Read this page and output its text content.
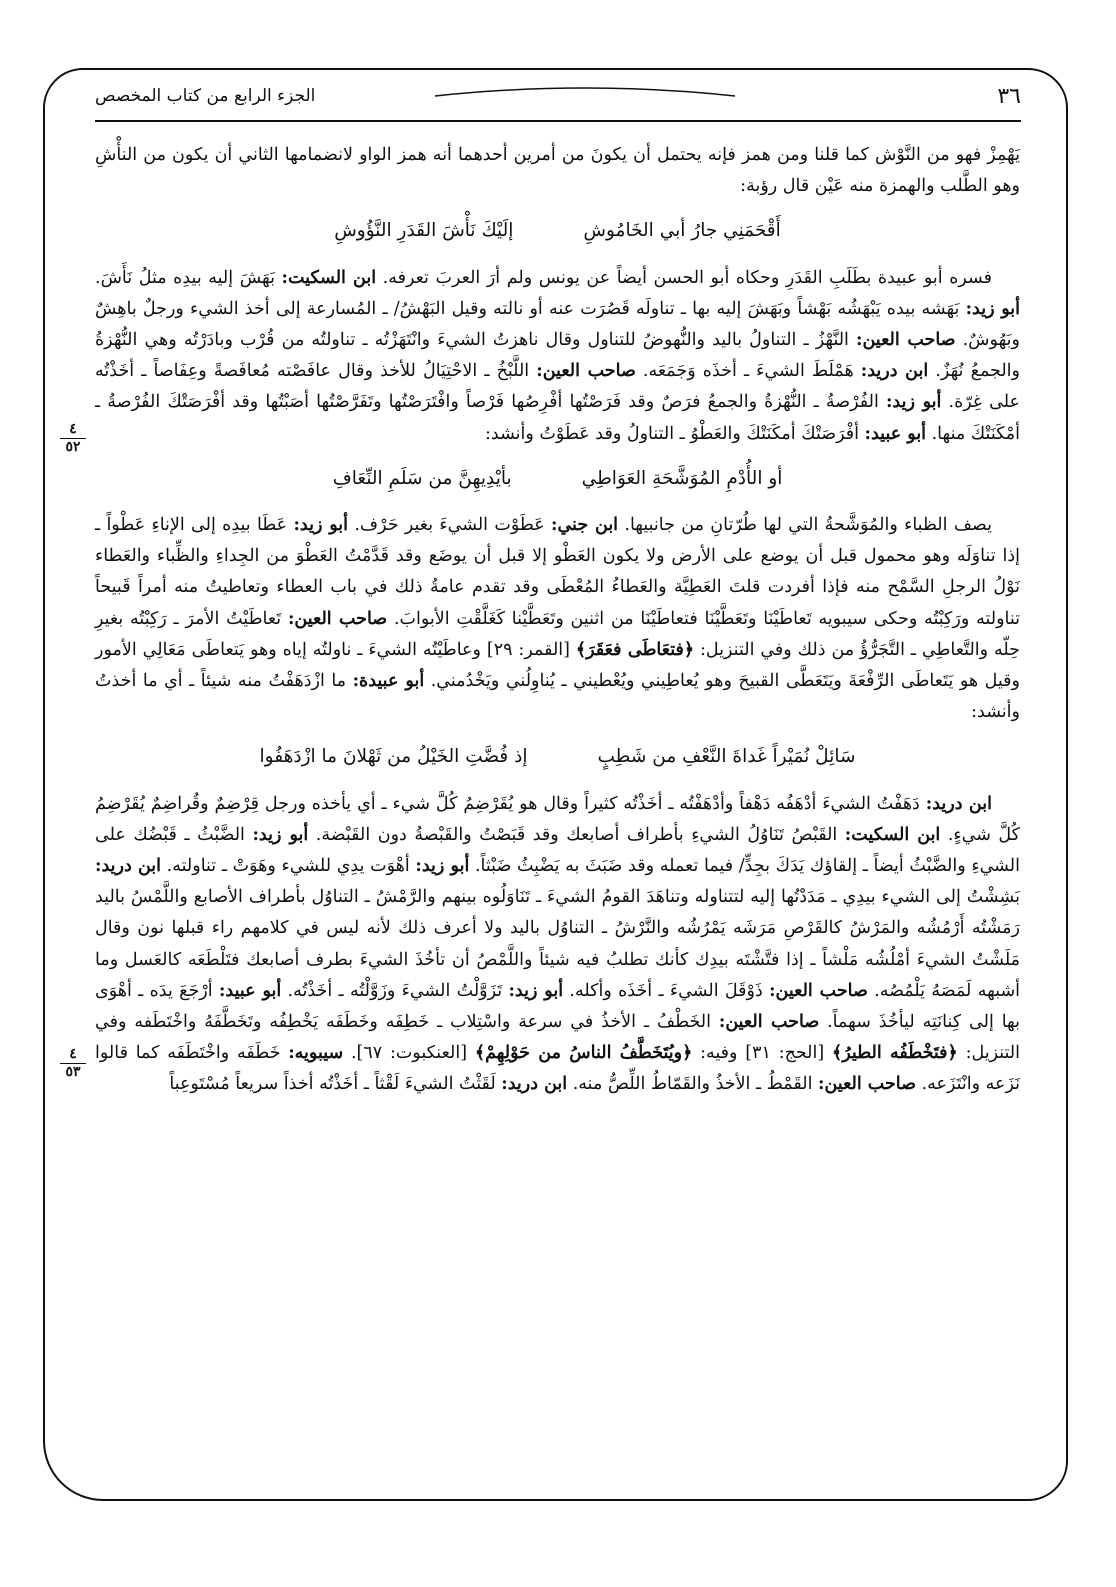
٣٦
الجزء الرابع من كتاب المخصص
٤
٥٢
٤
٥٣

يَهْمِزْ فهو من النَّوْش كما قلنا ومن همز فإنه يحتمل أن يكونَ من أمرين أحدهما أنه همز الواو لانضمامها الثاني أن يكون من النأْشِ وهو الطَّلب والهمزة منه عَيْن قال رؤبة:

أَقْحَمَنِي جارُ أبي الخَامُوشِ
إلَيْكَ نَأْشَ القَدَرِ النَّؤُوشِ

فسره أبو عبيدة بطَلَبِ القَدَرِ وحكاه أبو الحسن أيضاً عن يونس ولم أرَ العربَ تعرفه. ابن السكيت: بَهَشَ إليه بيدِه مثلُ نَأَشَ. أبو زيد: بَهَشه بيده يَبْهَشُه بَهْشاً وبَهَشَ إليه بها ـ تناولَه قَصُرَت عنه أو نالته وقيل البَهْشُ/ ـ المُسارعة إلى أخذ الشيء ورجلٌ باهِشٌ وبَهُوشٌ. صاحب العين: النَّهْزُ ـ التناولُ باليد والنُّهوضُ للتناول وقال ناهزتُ الشيءَ وانْتَهَزْتُه ـ تناولتُه من قُرْب وبادَرْتُه وهي النُّهْزةُ والجمعُ نُهَزٌ. ابن دريد: هَمْلَطَ الشيءَ ـ أخذَه وَجَمَعَه. صاحب العين: اللَّبْخُ ـ الاحْتِيَالُ للأخذ وقال عافَصْته مُعافَصةً وعِفَاصاً ـ أخَذْتُه على غِرّة. أبو زيد: الفُرْصةُ ـ النُّهْزةُ والجمعُ فرَصٌ وقد فَرَصْتُها أفْرِصُها فَرْصاً وافْتَرَصْتُها وتَفَرَّصْتُها أصَبْتُها وقد أفْرَصَتْكَ الفُرْصةُ ـ أمْكَنَتْكَ منها. أبو عبيد: أفْرَصَتْكَ أمكَنَتْكَ والعَطْوُ ـ التناولُ وقد عَطَوْتُ وأنشد:

أو الأُدْمِ المُوَشَّحَةِ العَوَاطِي
بأيْدِيهِنَّ من سَلَمِ النِّعَافِ

يصف الظباء والمُوَشَّحةُ التي لها طُرّتانِ من جانبيها. ابن جني: عَطَوْت الشيءَ بغير حَرْف. أبو زيد: عَطَا بيدِه إلى الإناءِ عَطْواً ـ إذا تناوَلَه وهو محمول قبل أن يوضع على الأرض ولا يكون العَطْو إلا قبل أن يوضَع وقد قَدَّمْتُ العَطْوَ من الجِداءِ والظِّباء والعَطاء نَوْلُ الرجلِ السَّمْح منه فإذا أفردت قلتَ العَطِيَّة والعَطاءُ المُعْطَى وقد تقدم عامةُ ذلك في باب العطاء وتعاطيتُ منه أمراً قَبيحاً تناولته ورَكِبْتُه وحكى سيبويه تَعاطَيْنَا وتَعَطَّيْنَا فتعاطَيْنَا من اثنين وتَعَطَّيْنا كَغَلَّقْتِ الأبوابَ. صاحب العين: تَعاطَيْتُ الأمرَ ـ رَكِبْتُه بغيرِ حِلّه والتَّعاطِي ـ التَّجَرُّؤُ من ذلك وفي التنزيل: ﴿فتعَاطَى فعَقَرَ﴾ [القمر: ٢٩] وعاطَيْتُه الشيءَ ـ ناولتُه إياه وهو يَتعاطَى مَعَالِي الأمور وقيل هو يَتَعاطَى الرِّفْعَةَ ويَتَعَطَّى القبيحَ وهو يُعاطِيني ويُعْطيني ـ يُناوِلُني ويَخْدُمني. أبو عبيدة: ما ازْدَهَفْتُ منه شيئاً ـ أي ما أخذتُ وأنشد:

سَائِلْ نُمَيْراً غَداةَ النَّعْفِ من شَطِبٍ
إذ فُضَّتِ الخَيْلُ من ثَهْلانَ ما ازْدَهَفُوا

ابن دريد: دَهَفْتُ الشيءَ أدْهَفُه دَهْفاً وأدْهَفْتُه ـ أخَذْتُه كثيراً وقال هو يُقَرْضِمُ كُلَّ شيء ـ أي يأخذه ورجل قِرْضِمٌ وقُراضِمٌ يُقَرْضِمُ كُلَّ شيءٍ. ابن السكيت: القَبْصُ تَنَاوُلُ الشيءِ بأطراف أصابعك وقد قَبَصْتُ والقَبْصةُ دون القَبْضة. أبو زيد: الضَّبْثُ ـ قَبْضُك على الشيءِ والضَّبْثُ أيضاً ـ إلقاؤك يَدَكَ بجِدٍّ/ فيما تعمله وقد ضَبَثَ به يَضْبِثُ ضَبْثاً. أبو زيد: أهْوَت يدِي للشيء وهَوَتْ ـ تناولته. ابن دريد: بَشِشْتُ إلى الشيء بيدِي ـ مَدَدْتُها إليه لتتناوله وتناهَدَ القومُ الشيءَ ـ تَنَاوَلُوه بينهم والرَّمْشُ ـ التناوُل بأطراف الأصابع واللَّمْسُ باليد رَمَشْتُه أَرْمُشُه والمَرْشُ كالقَرْصِ مَرَشَه يَمْرُشُه والنَّرْشُ ـ التناوُل باليد ولا أعرف ذلك لأنه ليس في كلامهم راء قبلها نون وقال مَلَشْتُ الشيءَ أمْلُشُه مَلْشاً ـ إذا فتَّشْتَه بيدِك كأنك تطلبُ فيه شيئاً واللَّمْصُ أن تأخُذَ الشيءَ بطرف أصابعك فتَلْطَعَه كالعَسل وما أشبهه لَمَصَهُ يَلْمُصُه. صاحب العين: ذَوْقَلَ الشيءَ ـ أخَذَه وأكله. أبو زيد: تَزَوَّلْتُ الشيءَ وزَوَّلْتُه ـ أخَذْتُه. أبو عبيد: أرْجَعَ يدَه ـ أهْوَى بها إلى كِنانَتِه ليأخُذَ سهماً. صاحب العين: الخَطْفُ ـ الأخذُ في سرعة واسْتِلاب ـ خَطِفَه وخَطَفَه يَخْطِفُه وتَخَطَّفَهُ واخْتَطَفه وفي التنزيل: ﴿فتَخْطَفُه الطيرُ﴾ [الحج: ٣١] وفيه: ﴿ويُتَخَطَّفُ الناسُ من حَوْلِهِمْ﴾ [العنكبوت: ٦٧]. سيبويه: خَطَفَه واخْتَطَفَه كما قالوا نَزَعه وانْتَزَعه. صاحب العين: القَمْطُ ـ الأخذُ والقَمّاطُ اللِّصُّ منه. ابن دريد: لَقَثْتُ الشيءَ لَقْثاً ـ أخَذْتُه أخذاً سريعاً مُسْتَوعِباً
